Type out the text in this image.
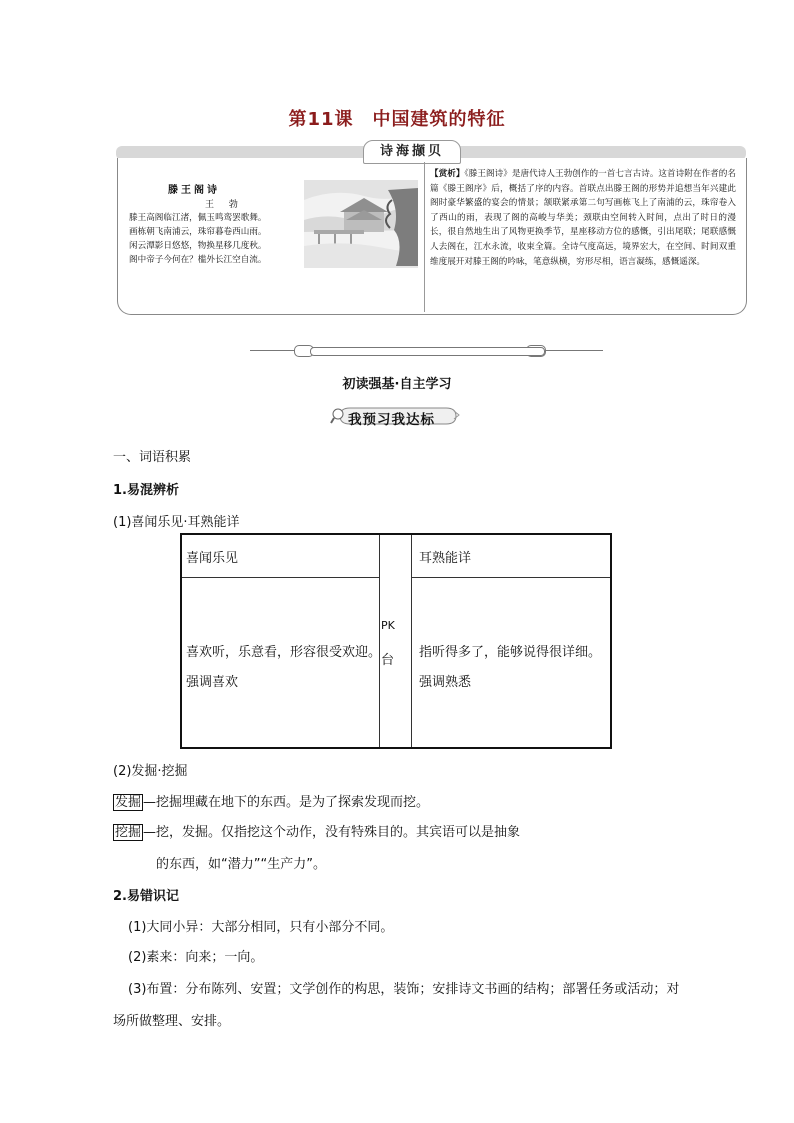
第11课　中国建筑的特征
诗海撷贝
滕王阁诗
王 勃
滕王高阁临江渚，佩玉鸣鸾罢歌舞。
画栋朝飞南浦云，珠帘暮卷西山雨。
闲云潭影日悠悠，物换星移几度秋。
阁中帝子今何在？槛外长江空自流。
【赏析】《滕王阁诗》是唐代诗人王勃创作的一首七言古诗。这首诗附在作者的名篇《滕王阁序》后，概括了序的内容。首联点出滕王阁的形势并追想当年兴建此阁时豪华繁盛的宴会的情景；颔联紧承第二句写画栋飞上了南浦的云，珠帘卷入了西山的雨，表现了阁的高峻与华美；颈联由空间转入时间，点出了时日的漫长，很自然地生出了风物更换季节，星座移动方位的感慨，引出尾联；尾联感慨人去阁在，江水永流，收束全篇。全诗气度高远，境界宏大，在空间、时间双重维度展开对滕王阁的吟咏，笔意纵横，穷形尽相，语言凝练，感慨遥深。
初读强基·自主学习
我预习我达标
一、词语积累
1.易混辨析
(1)喜闻乐见·耳熟能详
喜闻乐见	耳熟能详
喜欢听，乐意看，形容很受欢迎。
强调喜欢
指听得多了，能够说得很详细。
强调熟悉
PK
台
(2)发掘·挖掘
发掘 —挖掘埋藏在地下的东西。是为了探索发现而挖。
挖掘 —挖，发掘。仅指挖这个动作，没有特殊目的。其宾语可以是抽象
的东西，如“潜力”“生产力”。
2.易错识记
(1)大同小异：大部分相同，只有小部分不同。
(2)素来：向来；一向。
(3)布置：分布陈列、安置；文学创作的构思，装饰；安排诗文书画的结构；部署任务或活动；对
场所做整理、安排。
